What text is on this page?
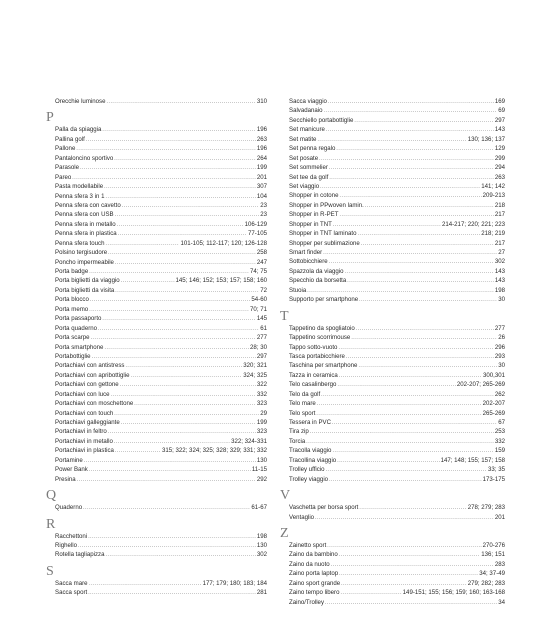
Orecchie luminose .....	310
P
Palla da spiaggia .....	196
Pallina golf .....	263
Pallone .....	196
Pantaloncino sportivo .....	264
Parasole .....	199
Pareo .....	201
Pasta modellabile .....	307
Penna sfera 3 in 1 .....	104
Penna sfera con cavetto .....	23
Penna sfera con USB .....	23
Penna sfera in metallo .....	106-129
Penna sfera in plastica .....	77-105
Penna sfera touch .....	101-105; 112-117; 120; 126-128
Polsino tergisudore .....	258
Poncho impermeabile .....	247
Porta badge .....	74; 75
Porta biglietti da viaggio .....	145; 146; 152; 153; 157; 158; 160
Porta biglietti da visita .....	72
Porta blocco .....	54-60
Porta memo .....	70; 71
Porta passaporto .....	145
Porta quaderno .....	61
Porta scarpe .....	277
Porta smartphone .....	28; 30
Portabottiglie .....	297
Portachiavi con antistress .....	320; 321
Portachiavi con apribottiglie .....	324; 325
Portachiavi con gettone .....	322
Portachiavi con luce .....	332
Portachiavi con moschettone .....	323
Portachiavi con touch .....	29
Portachiavi galleggiante .....	199
Portachiavi in feltro .....	323
Portachiavi in metallo .....	322; 324-331
Portachiavi in plastica .....	315; 322; 324; 325; 328; 329; 331; 332
Portamine .....	130
Power Bank .....	11-15
Presina .....	292
Q
Quaderno .....	61-67
R
Racchettoni .....	198
Righello .....	130
Rotella tagliapizza .....	302
S
Sacca mare .....	177; 179; 180; 183; 184
Sacca sport .....	281
Sacca viaggio .....	169
Salvadanaio .....	69
Secchiello portabottiglie .....	297
Set manicure .....	143
Set matite .....	130; 136; 137
Set penna regalo .....	129
Set posate .....	299
Set sommelier .....	294
Set tee da golf .....	263
Set viaggio .....	141; 142
Shopper in cotone .....	209-213
Shopper in PPwoven lamin. .....	218
Shopper in R-PET .....	217
Shopper in TNT .....	214-217; 220; 221; 223
Shopper in TNT laminato .....	218; 219
Shopper per sublimazione .....	217
Smart finder .....	27
Sottobicchiere .....	302
Spazzola da viaggio .....	143
Specchio da borsetta .....	143
Stuoia .....	198
Supporto per smartphone .....	30
T
Tappetino da spogliatoio .....	277
Tappetino scorrimouse .....	26
Tappo sotto-vuoto .....	296
Tasca portabicchiere .....	293
Taschina per smartphone .....	30
Tazza in ceramica .....	300,301
Telo casalinbergo .....	202-207; 265-269
Telo da golf .....	262
Telo mare .....	202-207
Telo sport .....	265-269
Tessera in PVC .....	67
Tira zip .....	253
Torcia .....	332
Tracolla viaggio .....	159
Tracollina viaggio .....	147; 148; 155; 157; 158
Trolley ufficio .....	33; 35
Trolley viaggio .....	173-175
V
Vaschetta per borsa sport .....	278; 279; 283
Ventaglio .....	201
Z
Zainetto sport .....	270-276
Zaino da bambino .....	136; 151
Zaino da nuoto .....	283
Zaino porta laptop .....	34; 37-49
Zaino sport grande .....	279; 282; 283
Zaino tempo libero .....	149-151; 155; 156; 159; 160; 163-168
Zaino/Trolley .....	34
